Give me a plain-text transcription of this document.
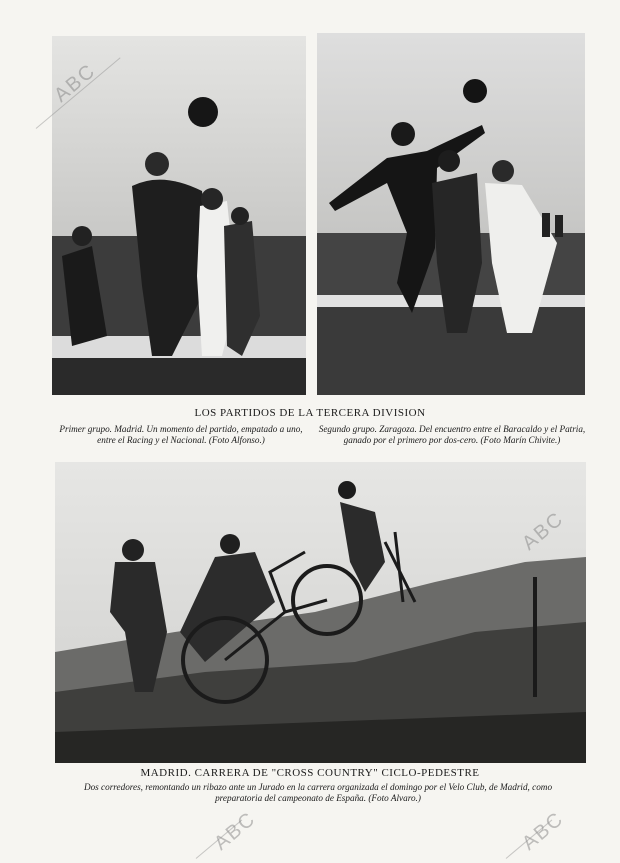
LOS PARTIDOS DE LA TERCERA DIVISION
Primer grupo. Madrid. Un momento del partido, empatado a uno, entre el Racing y el Nacional. (Foto Alfonso.)
Segundo grupo. Zaragoza. Del encuentro entre el Baracaldo y el Patria, ganado por el primero por dos-cero. (Foto Marín Chivite.)
MADRID. CARRERA DE "CROSS COUNTRY" CICLO-PEDESTRE
Dos corredores, remontando un ribazo ante un Jurado en la carrera organizada el domingo por el Velo Club, de Madrid, como preparatoria del campeonato de España. (Foto Alvaro.)
ABC
ABC
ABC	ABC
